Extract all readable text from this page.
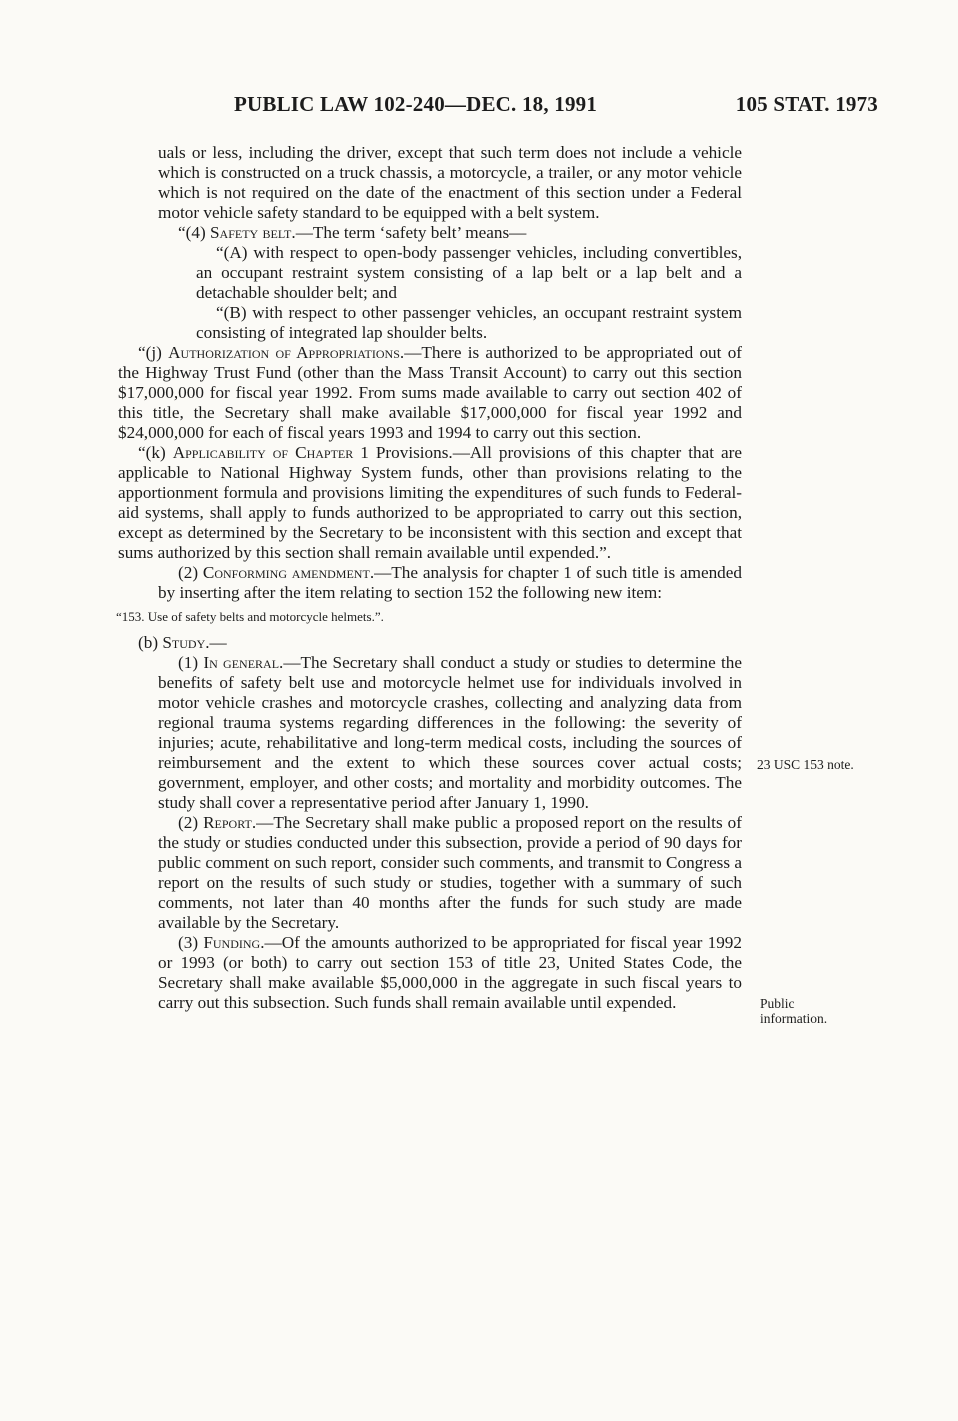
PUBLIC LAW 102-240—DEC. 18, 1991	105 STAT. 1973

uals or less, including the driver, except that such term does not include a vehicle which is constructed on a truck chassis, a motorcycle, a trailer, or any motor vehicle which is not required on the date of the enactment of this section under a Federal motor vehicle safety standard to be equipped with a belt system.

“(4) Safety belt.—The term ‘safety belt’ means—

“(A) with respect to open-body passenger vehicles, including convertibles, an occupant restraint system consisting of a lap belt or a lap belt and a detachable shoulder belt; and

“(B) with respect to other passenger vehicles, an occupant restraint system consisting of integrated lap shoulder belts.

“(j) Authorization of Appropriations.—There is authorized to be appropriated out of the Highway Trust Fund (other than the Mass Transit Account) to carry out this section $17,000,000 for fiscal year 1992. From sums made available to carry out section 402 of this title, the Secretary shall make available $17,000,000 for fiscal year 1992 and $24,000,000 for each of fiscal years 1993 and 1994 to carry out this section.

“(k) Applicability of Chapter 1 Provisions.—All provisions of this chapter that are applicable to National Highway System funds, other than provisions relating to the apportionment formula and provisions limiting the expenditures of such funds to Federal-aid systems, shall apply to funds authorized to be appropriated to carry out this section, except as determined by the Secretary to be inconsistent with this section and except that sums authorized by this section shall remain available until expended.”.

(2) Conforming amendment.—The analysis for chapter 1 of such title is amended by inserting after the item relating to section 152 the following new item:

“153. Use of safety belts and motorcycle helmets.”.

(b) Study.—

(1) In general.—The Secretary shall conduct a study or studies to determine the benefits of safety belt use and motorcycle helmet use for individuals involved in motor vehicle crashes and motorcycle crashes, collecting and analyzing data from regional trauma systems regarding differences in the following: the severity of injuries; acute, rehabilitative and long-term medical costs, including the sources of reimbursement and the extent to which these sources cover actual costs; government, employer, and other costs; and mortality and morbidity outcomes. The study shall cover a representative period after January 1, 1990.

(2) Report.—The Secretary shall make public a proposed report on the results of the study or studies conducted under this subsection, provide a period of 90 days for public comment on such report, consider such comments, and transmit to Congress a report on the results of such study or studies, together with a summary of such comments, not later than 40 months after the funds for such study are made available by the Secretary.

(3) Funding.—Of the amounts authorized to be appropriated for fiscal year 1992 or 1993 (or both) to carry out section 153 of title 23, United States Code, the Secretary shall make available $5,000,000 in the aggregate in such fiscal years to carry out this subsection. Such funds shall remain available until expended.

23 USC 153 note.
Public
information.
